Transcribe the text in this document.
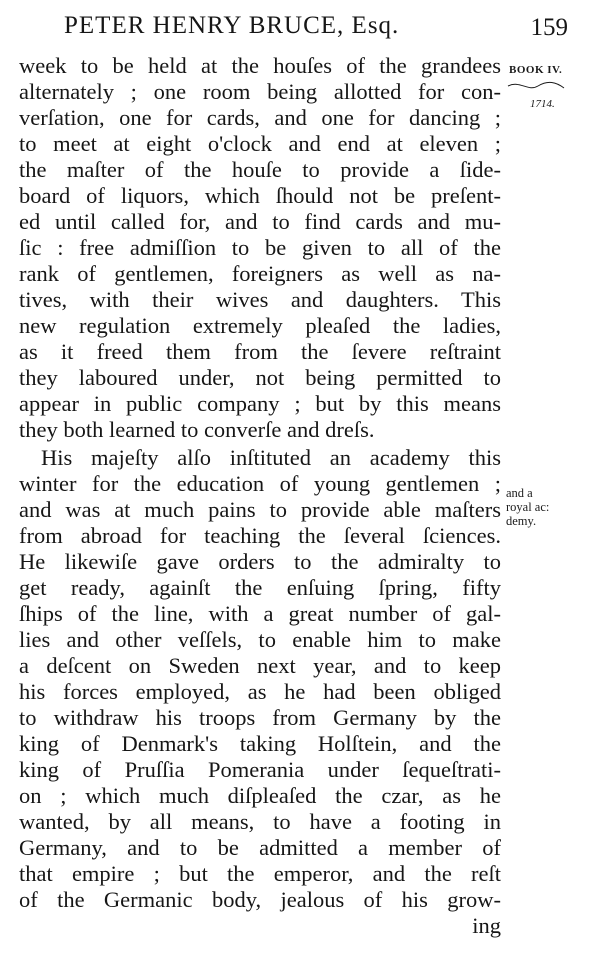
PETER HENRY BRUCE, Esq.	159
BOOK IV.
1714.
and a
royal ac:
demy.
week to be held at the houſes of the grandees
alternately ; one room being allotted for con-
verſation, one for cards, and one for dancing ;
to meet at eight o'clock and end at eleven ;
the maſter of the houſe to provide a ſide-
board of liquors, which ſhould not be preſent-
ed until called for, and to find cards and mu-
ſic : free admiſſion to be given to all of the
rank of gentlemen, foreigners as well as na-
tives, with their wives and daughters. This
new regulation extremely pleaſed the ladies,
as it freed them from the ſevere reſtraint
they laboured under, not being permitted to
appear in public company ; but by this means
they both learned to converſe and dreſs.
His majeſty alſo inſtituted an academy this
winter for the education of young gentlemen ;
and was at much pains to provide able maſters
from abroad for teaching the ſeveral ſciences.
He likewiſe gave orders to the admiralty to
get ready, againſt the enſuing ſpring, fifty
ſhips of the line, with a great number of gal-
lies and other veſſels, to enable him to make
a deſcent on Sweden next year, and to keep
his forces employed, as he had been obliged
to withdraw his troops from Germany by the
king of Denmark's taking Holſtein, and the
king of Pruſſia Pomerania under ſequeſtrati-
on ; which much diſpleaſed the czar, as he
wanted, by all means, to have a footing in
Germany, and to be admitted a member of
that empire ; but the emperor, and the reſt
of the Germanic body, jealous of his grow-
ing
